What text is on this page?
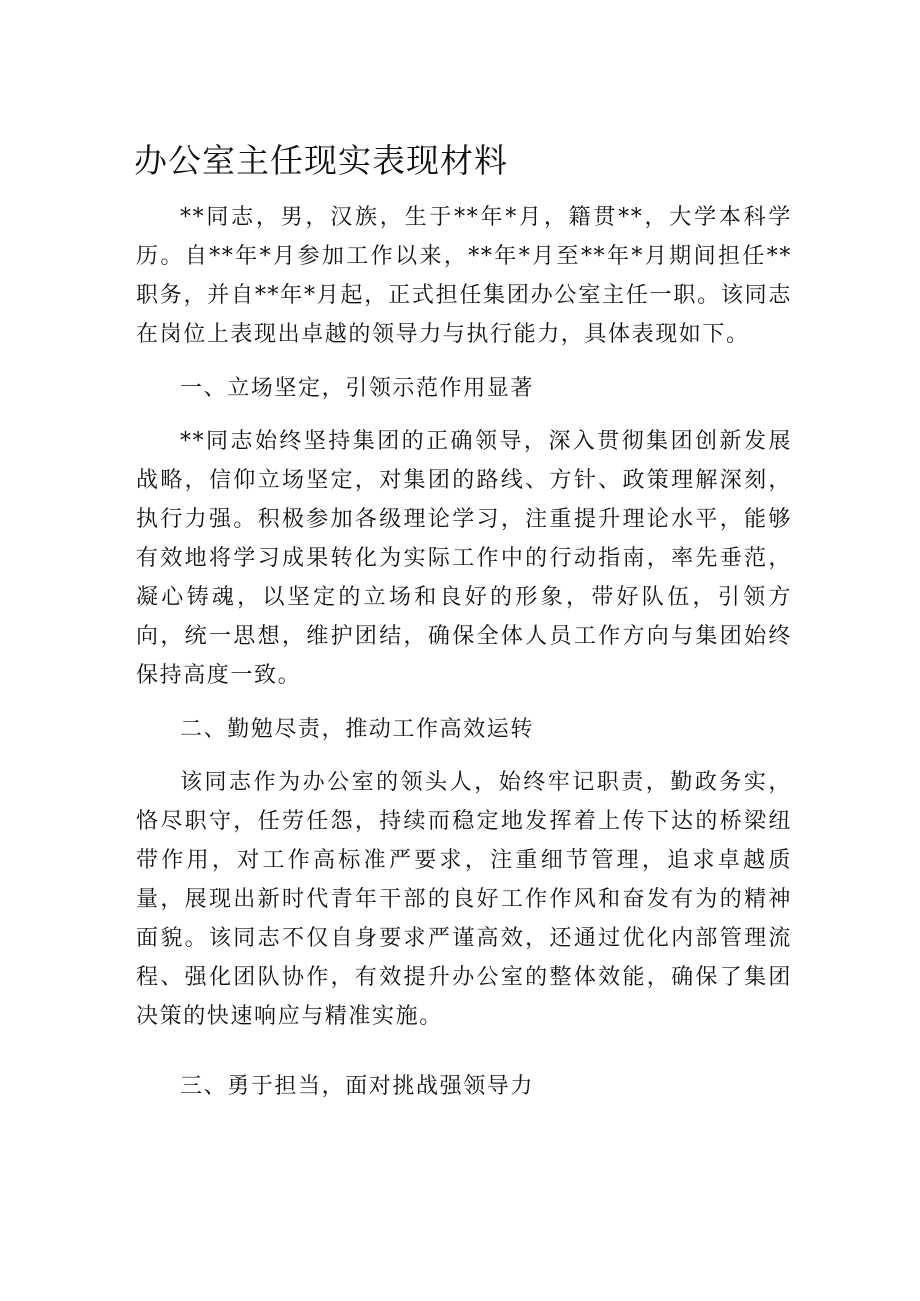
办公室主任现实表现材料

**同志，男，汉族，生于**年*月，籍贯**，大学本科学历。自**年*月参加工作以来，**年*月至**年*月期间担任**职务，并自**年*月起，正式担任集团办公室主任一职。该同志在岗位上表现出卓越的领导力与执行能力，具体表现如下。

一、立场坚定，引领示范作用显著

**同志始终坚持集团的正确领导，深入贯彻集团创新发展战略，信仰立场坚定，对集团的路线、方针、政策理解深刻，执行力强。积极参加各级理论学习，注重提升理论水平，能够有效地将学习成果转化为实际工作中的行动指南，率先垂范，凝心铸魂，以坚定的立场和良好的形象，带好队伍，引领方向，统一思想，维护团结，确保全体人员工作方向与集团始终保持高度一致。

二、勤勉尽责，推动工作高效运转

该同志作为办公室的领头人，始终牢记职责，勤政务实，恪尽职守，任劳任怨，持续而稳定地发挥着上传下达的桥梁纽带作用，对工作高标准严要求，注重细节管理，追求卓越质量，展现出新时代青年干部的良好工作作风和奋发有为的精神面貌。该同志不仅自身要求严谨高效，还通过优化内部管理流程、强化团队协作，有效提升办公室的整体效能，确保了集团决策的快速响应与精准实施。

三、勇于担当，面对挑战强领导力
